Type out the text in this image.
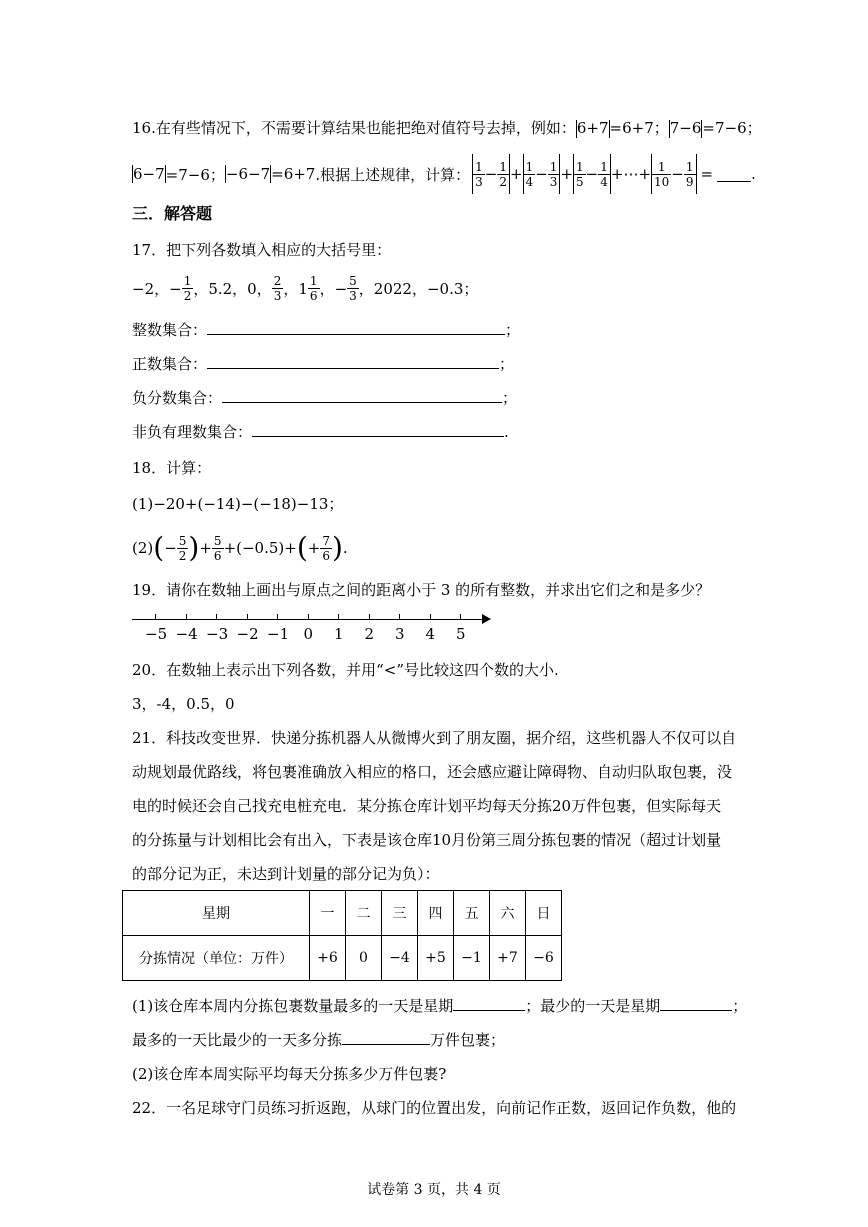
16.在有些情况下，不需要计算结果也能把绝对值符号去掉，例如：6+7=6+7；7−6=7−6；
6−7 =7−6； −6−7 =6+7 .根据上述规律，计算： $\frac{1}{3} - \frac{1}{2} + \frac{1}{4} - \frac{1}{3} + \frac{1}{5} - \frac{1}{4}$ +⋯+ $\frac{1}{10} - \frac{1}{9}$ =	.
三．解答题
17．把下列各数填入相应的大括号里：
−2，− $\frac{1}{2}$ ，5.2，0， $\frac{2}{3}$ ，$1 \frac{1}{6}$ ，− $\frac{5}{3}$ ，2022，−0.3；
整数集合：	；
正数集合：	；
负分数集合：	；
非负有理数集合：	.
18．计算：
(1)−20+(−14)−(−18)−13；
(2) ( − $\frac{5}{2}$ ) + $\frac{5}{6} +(-0.5)+$ ( + $\frac{7}{6}$ ) .
19．请你在数轴上画出与原点之间的距离小于 3 的所有整数，并求出它们之和是多少？
−5 −4 −3 −2 −1 0 1 2 3 4 5
20．在数轴上表示出下列各数，并用“<”号比较这四个数的大小.
3，-4，0.5，0
21．科技改变世界．快递分拣机器人从微博火到了朋友圈，据介绍，这些机器人不仅可以自
动规划最优路线，将包裹准确放入相应的格口，还会感应避让障碍物、自动归队取包裹，没
电的时候还会自己找充电桩充电．某分拣仓库计划平均每天分拣20万件包裹，但实际每天
的分拣量与计划相比会有出入，下表是该仓库10月份第三周分拣包裹的情况（超过计划量
的部分记为正，未达到计划量的部分记为负）：
星期	一	二	三	四	五	六	日
分拣情况（单位：万件）	+6	0	−4	+5	−1	+7	−6
(1)该仓库本周内分拣包裹数量最多的一天是星期	；最少的一天是星期	；
最多的一天比最少的一天多分拣	万件包裹；
(2)该仓库本周实际平均每天分拣多少万件包裹?
22．一名足球守门员练习折返跑，从球门的位置出发，向前记作正数，返回记作负数，他的
试卷第 3 页，共 4 页
